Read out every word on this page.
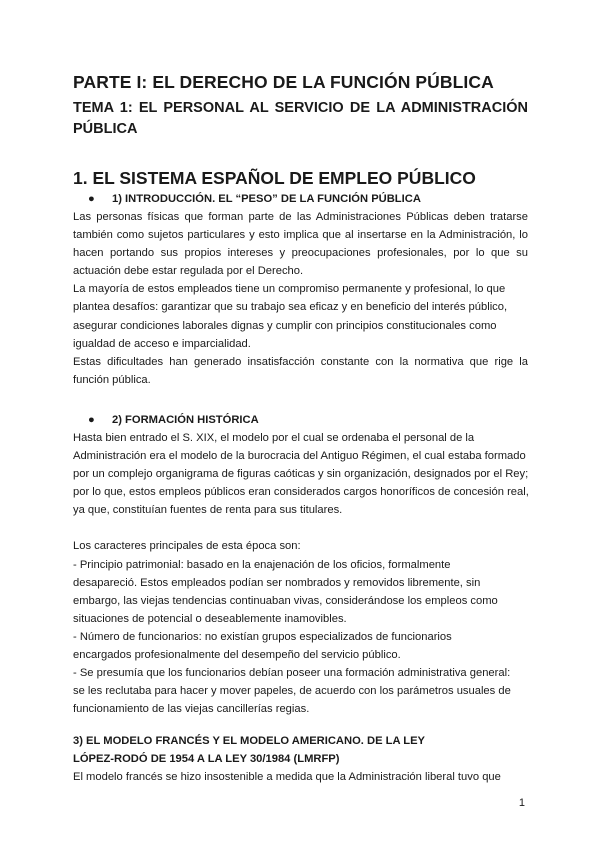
PARTE I: EL DERECHO DE LA FUNCIÓN PÚBLICA
TEMA 1: EL PERSONAL AL SERVICIO DE LA ADMINISTRACIÓN
PÚBLICA
1. EL SISTEMA ESPAÑOL DE EMPLEO PÚBLICO
● 1) INTRODUCCIÓN. EL “PESO” DE LA FUNCIÓN PÚBLICA

Las personas físicas que forman parte de las Administraciones Públicas deben tratarse
también como sujetos particulares y esto implica que al insertarse en la Administración, lo
hacen portando sus propios intereses y preocupaciones profesionales, por lo que su
actuación debe estar regulada por el Derecho.

La mayoría de estos empleados tiene un compromiso permanente y profesional, lo que
plantea desafíos: garantizar que su trabajo sea eficaz y en beneficio del interés público,
asegurar condiciones laborales dignas y cumplir con principios constitucionales como
igualdad de acceso e imparcialidad.

Estas dificultades han generado insatisfacción constante con la normativa que rige la
función pública.

● 2) FORMACIÓN HISTÓRICA

Hasta bien entrado el S. XIX, el modelo por el cual se ordenaba el personal de la
Administración era el modelo de la burocracia del Antiguo Régimen, el cual estaba formado
por un complejo organigrama de figuras caóticas y sin organización, designados por el Rey;
por lo que, estos empleos públicos eran considerados cargos honoríficos de concesión real,
ya que, constituían fuentes de renta para sus titulares.

Los caracteres principales de esta época son:
- Principio patrimonial: basado en la enajenación de los oficios, formalmente
desapareció. Estos empleados podían ser nombrados y removidos libremente, sin
embargo, las viejas tendencias continuaban vivas, considerándose los empleos como
situaciones de potencial o deseablemente inamovibles.
- Número de funcionarios: no existían grupos especializados de funcionarios
encargados profesionalmente del desempeño del servicio público.
- Se presumía que los funcionarios debían poseer una formación administrativa general:
se les reclutaba para hacer y mover papeles, de acuerdo con los parámetros usuales de
funcionamiento de las viejas cancillerías regias.

3) EL MODELO FRANCÉS Y EL MODELO AMERICANO. DE LA LEY
LÓPEZ-RODÓ DE 1954 A LA LEY 30/1984 (LMRFP)

El modelo francés se hizo insostenible a medida que la Administración liberal tuvo que

1
